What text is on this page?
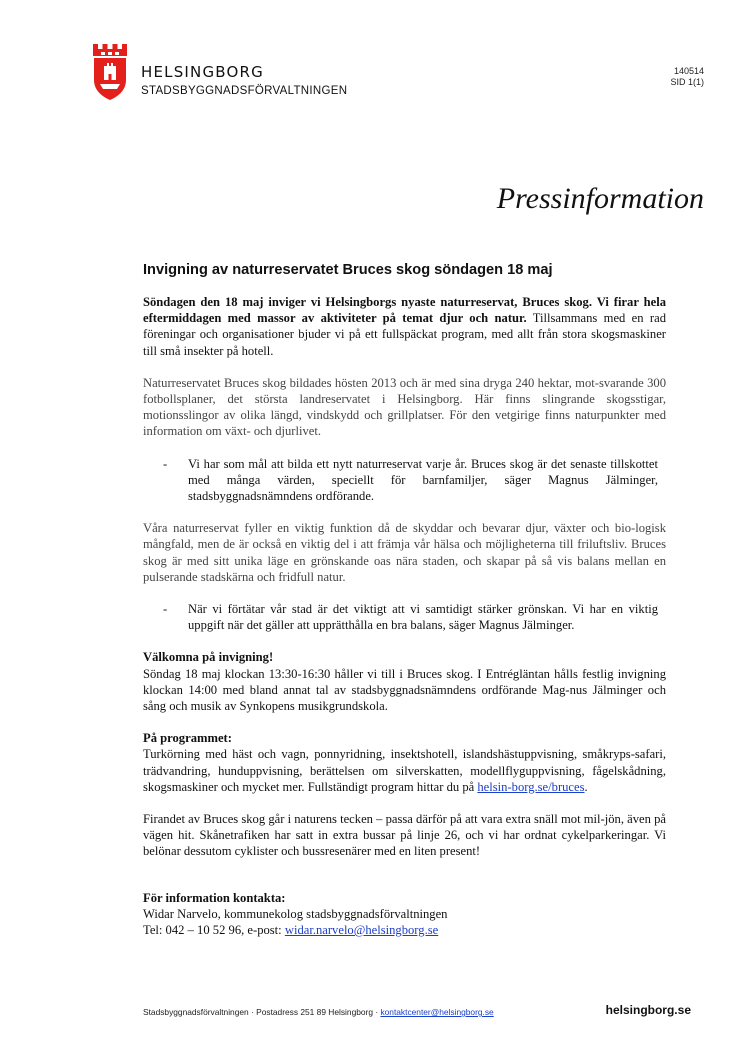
HELSINGBORG
STADSBYGGNADSFÖRVALTNINGEN
140514
SID 1(1)
Pressinformation
Invigning av naturreservatet Bruces skog söndagen 18 maj

Söndagen den 18 maj inviger vi Helsingborgs nyaste naturreservat, Bruces skog. Vi firar hela eftermiddagen med massor av aktiviteter på temat djur och natur. Tillsammans med en rad föreningar och organisationer bjuder vi på ett fullspäckat program, med allt från stora skogsmaskiner till små insekter på hotell.

Naturreservatet Bruces skog bildades hösten 2013 och är med sina dryga 240 hektar, mot-svarande 300 fotbollsplaner, det största landreservatet i Helsingborg. Här finns slingrande skogsstigar, motionsslingor av olika längd, vindskydd och grillplatser. För den vetgirige finns naturpunkter med information om växt- och djurlivet.

- Vi har som mål att bilda ett nytt naturreservat varje år. Bruces skog är det senaste tillskottet med många värden, speciellt för barnfamiljer, säger Magnus Jälminger, stadsbyggnadsnämndens ordförande.

Våra naturreservat fyller en viktig funktion då de skyddar och bevarar djur, växter och bio-logisk mångfald, men de är också en viktig del i att främja vår hälsa och möjligheterna till friluftsliv. Bruces skog är med sitt unika läge en grönskande oas nära staden, och skapar på så vis balans mellan en pulserande stadskärna och fridfull natur.

- När vi förtätar vår stad är det viktigt att vi samtidigt stärker grönskan. Vi har en viktig uppgift när det gäller att upprätthålla en bra balans, säger Magnus Jälminger.

Välkomna på invigning!
Söndag 18 maj klockan 13:30-16:30 håller vi till i Bruces skog. I Entrégläntan hålls festlig invigning klockan 14:00 med bland annat tal av stadsbyggnadsnämndens ordförande Mag-nus Jälminger och sång och musik av Synkopens musikgrundskola.

På programmet:
Turkörning med häst och vagn, ponnyridning, insektshotell, islandshästuppvisning, småkryps-safari, trädvandring, hunduppvisning, berättelsen om silverskatten, modellflyguppvisning, fågelskådning, skogsmaskiner och mycket mer. Fullständigt program hittar du på helsin-borg.se/bruces.

Firandet av Bruces skog går i naturens tecken – passa därför på att vara extra snäll mot mil-jön, även på vägen hit. Skånetrafiken har satt in extra bussar på linje 26, och vi har ordnat cykelparkeringar. Vi belönar dessutom cyklister och bussresenärer med en liten present!

För information kontakta:
Widar Narvelo, kommunekolog stadsbyggnadsförvaltningen
Tel: 042 – 10 52 96, e-post: widar.narvelo@helsingborg.se

Stadsbyggnadsförvaltningen · Postadress 251 89 Helsingborg · kontaktcenter@helsingborg.se	helsingborg.se
